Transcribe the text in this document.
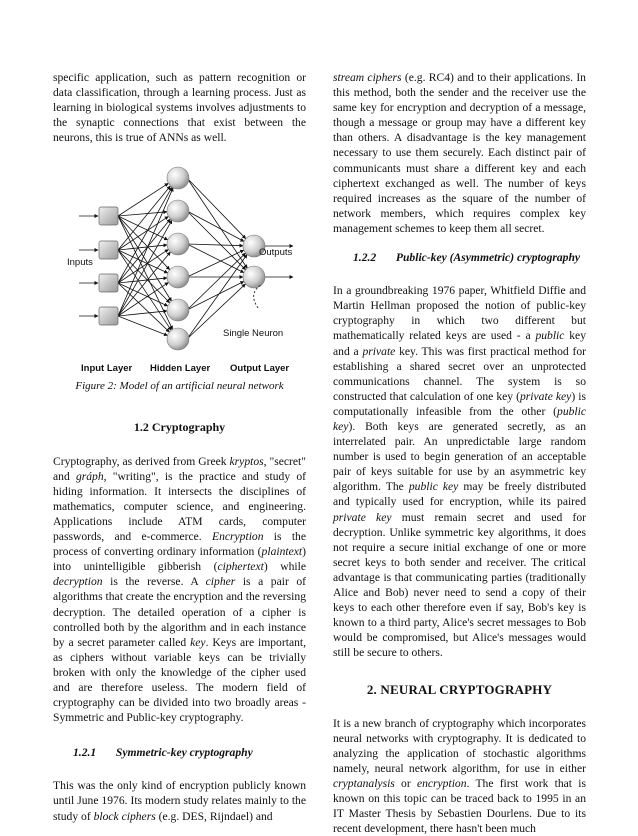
specific application, such as pattern recognition or data classification, through a learning process. Just as learning in biological systems involves adjustments to the synaptic connections that exist between the neurons, this is true of ANNs as well.

Inputs
Outputs
Single Neuron
Input Layer Hidden Layer Output Layer
Figure 2: Model of an artificial neural network
1.2 Cryptography

Cryptography, as derived from Greek kryptos, "secret" and gráph, "writing", is the practice and study of hiding information. It intersects the disciplines of mathematics, computer science, and engineering. Applications include ATM cards, computer passwords, and e-commerce. Encryption is the process of converting ordinary information (plaintext) into unintelligible gibberish (ciphertext) while decryption is the reverse. A cipher is a pair of algorithms that create the encryption and the reversing decryption. The detailed operation of a cipher is controlled both by the algorithm and in each instance by a secret parameter called key. Keys are important, as ciphers without variable keys can be trivially broken with only the knowledge of the cipher used and are therefore useless. The modern field of cryptography can be divided into two broadly areas - Symmetric and Public-key cryptography.

1.2.1 Symmetric-key cryptography

This was the only kind of encryption publicly known until June 1976. Its modern study relates mainly to the study of block ciphers (e.g. DES, Rijndael) and

stream ciphers (e.g. RC4) and to their applications. In this method, both the sender and the receiver use the same key for encryption and decryption of a message, though a message or group may have a different key than others. A disadvantage is the key management necessary to use them securely. Each distinct pair of communicants must share a different key and each ciphertext exchanged as well. The number of keys required increases as the square of the number of network members, which requires complex key management schemes to keep them all secret.

1.2.2 Public-key (Asymmetric) cryptography

In a groundbreaking 1976 paper, Whitfield Diffie and Martin Hellman proposed the notion of public-key cryptography in which two different but mathematically related keys are used - a public key and a private key. This was first practical method for establishing a shared secret over an unprotected communications channel. The system is so constructed that calculation of one key (private key) is computationally infeasible from the other (public key). Both keys are generated secretly, as an interrelated pair. An unpredictable large random number is used to begin generation of an acceptable pair of keys suitable for use by an asymmetric key algorithm. The public key may be freely distributed and typically used for encryption, while its paired private key must remain secret and used for decryption. Unlike symmetric key algorithms, it does not require a secure initial exchange of one or more secret keys to both sender and receiver. The critical advantage is that communicating parties (traditionally Alice and Bob) never need to send a copy of their keys to each other therefore even if say, Bob's key is known to a third party, Alice's secret messages to Bob would be compromised, but Alice's messages would still be secure to others.

2. NEURAL CRYPTOGRAPHY

It is a new branch of cryptography which incorporates neural networks with cryptography. It is dedicated to analyzing the application of stochastic algorithms namely, neural network algorithm, for use in either cryptanalysis or encryption. The first work that is known on this topic can be traced back to 1995 in an IT Master Thesis by Sebastien Dourlens. Due to its recent development, there hasn't been much
